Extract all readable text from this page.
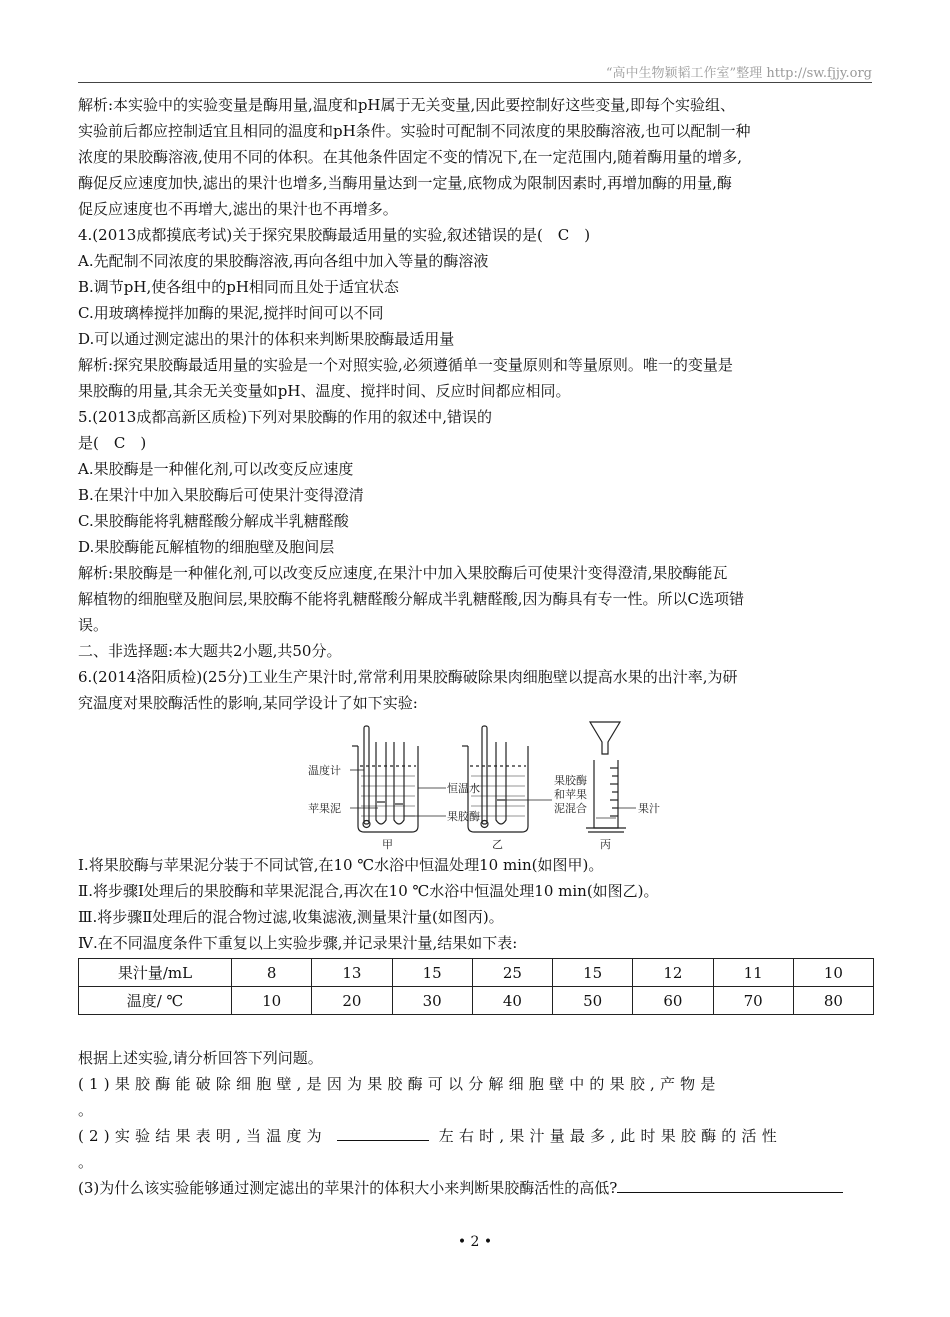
“高中生物颖韬工作室”整理 http://sw.fjjy.org
解析:本实验中的实验变量是酶用量,温度和pH属于无关变量,因此要控制好这些变量,即每个实验组、
实验前后都应控制适宜且相同的温度和pH条件。实验时可配制不同浓度的果胶酶溶液,也可以配制一种
浓度的果胶酶溶液,使用不同的体积。在其他条件固定不变的情况下,在一定范围内,随着酶用量的增多,
酶促反应速度加快,滤出的果汁也增多,当酶用量达到一定量,底物成为限制因素时,再增加酶的用量,酶
促反应速度也不再增大,滤出的果汁也不再增多。
4.(2013成都摸底考试)关于探究果胶酶最适用量的实验,叙述错误的是(　C　)
A.先配制不同浓度的果胶酶溶液,再向各组中加入等量的酶溶液
B.调节pH,使各组中的pH相同而且处于适宜状态
C.用玻璃棒搅拌加酶的果泥,搅拌时间可以不同
D.可以通过测定滤出的果汁的体积来判断果胶酶最适用量
解析:探究果胶酶最适用量的实验是一个对照实验,必须遵循单一变量原则和等量原则。唯一的变量是
果胶酶的用量,其余无关变量如pH、温度、搅拌时间、反应时间都应相同。
5.(2013成都高新区质检)下列对果胶酶的作用的叙述中,错误的
是(　C　)
A.果胶酶是一种催化剂,可以改变反应速度
B.在果汁中加入果胶酶后可使果汁变得澄清
C.果胶酶能将乳糖醛酸分解成半乳糖醛酸
D.果胶酶能瓦解植物的细胞壁及胞间层
解析:果胶酶是一种催化剂,可以改变反应速度,在果汁中加入果胶酶后可使果汁变得澄清,果胶酶能瓦
解植物的细胞壁及胞间层,果胶酶不能将乳糖醛酸分解成半乳糖醛酸,因为酶具有专一性。所以C选项错
误。
二、非选择题:本大题共2小题,共50分。
6.(2014洛阳质检)(25分)工业生产果汁时,常常利用果胶酶破除果肉细胞壁以提高水果的出汁率,为研
究温度对果胶酶活性的影响,某同学设计了如下实验:
温度计
苹果泥
恒温水
果胶酶
果胶酶
和苹果
泥混合	果汁
甲	乙	丙
Ⅰ.将果胶酶与苹果泥分装于不同试管,在10 ℃水浴中恒温处理10 min(如图甲)。
Ⅱ.将步骤Ⅰ处理后的果胶酶和苹果泥混合,再次在10 ℃水浴中恒温处理10 min(如图乙)。
Ⅲ.将步骤Ⅱ处理后的混合物过滤,收集滤液,测量果汁量(如图丙)。
Ⅳ.在不同温度条件下重复以上实验步骤,并记录果汁量,结果如下表:
果汁量/mL	8	13	15	25	15	12	11	10
温度/ ℃	10	20	30	40	50	60	70	80
根据上述实验,请分析回答下列问题。
(1)果胶酶能破除细胞壁,是因为果胶酶可以分解细胞壁中的果胶,产物是
。
(2)实验结果表明,当温度为	左右时,果汁量最多,此时果胶酶的活性
。
(3)为什么该实验能够通过测定滤出的苹果汁的体积大小来判断果胶酶活性的高低?
• 2 •
